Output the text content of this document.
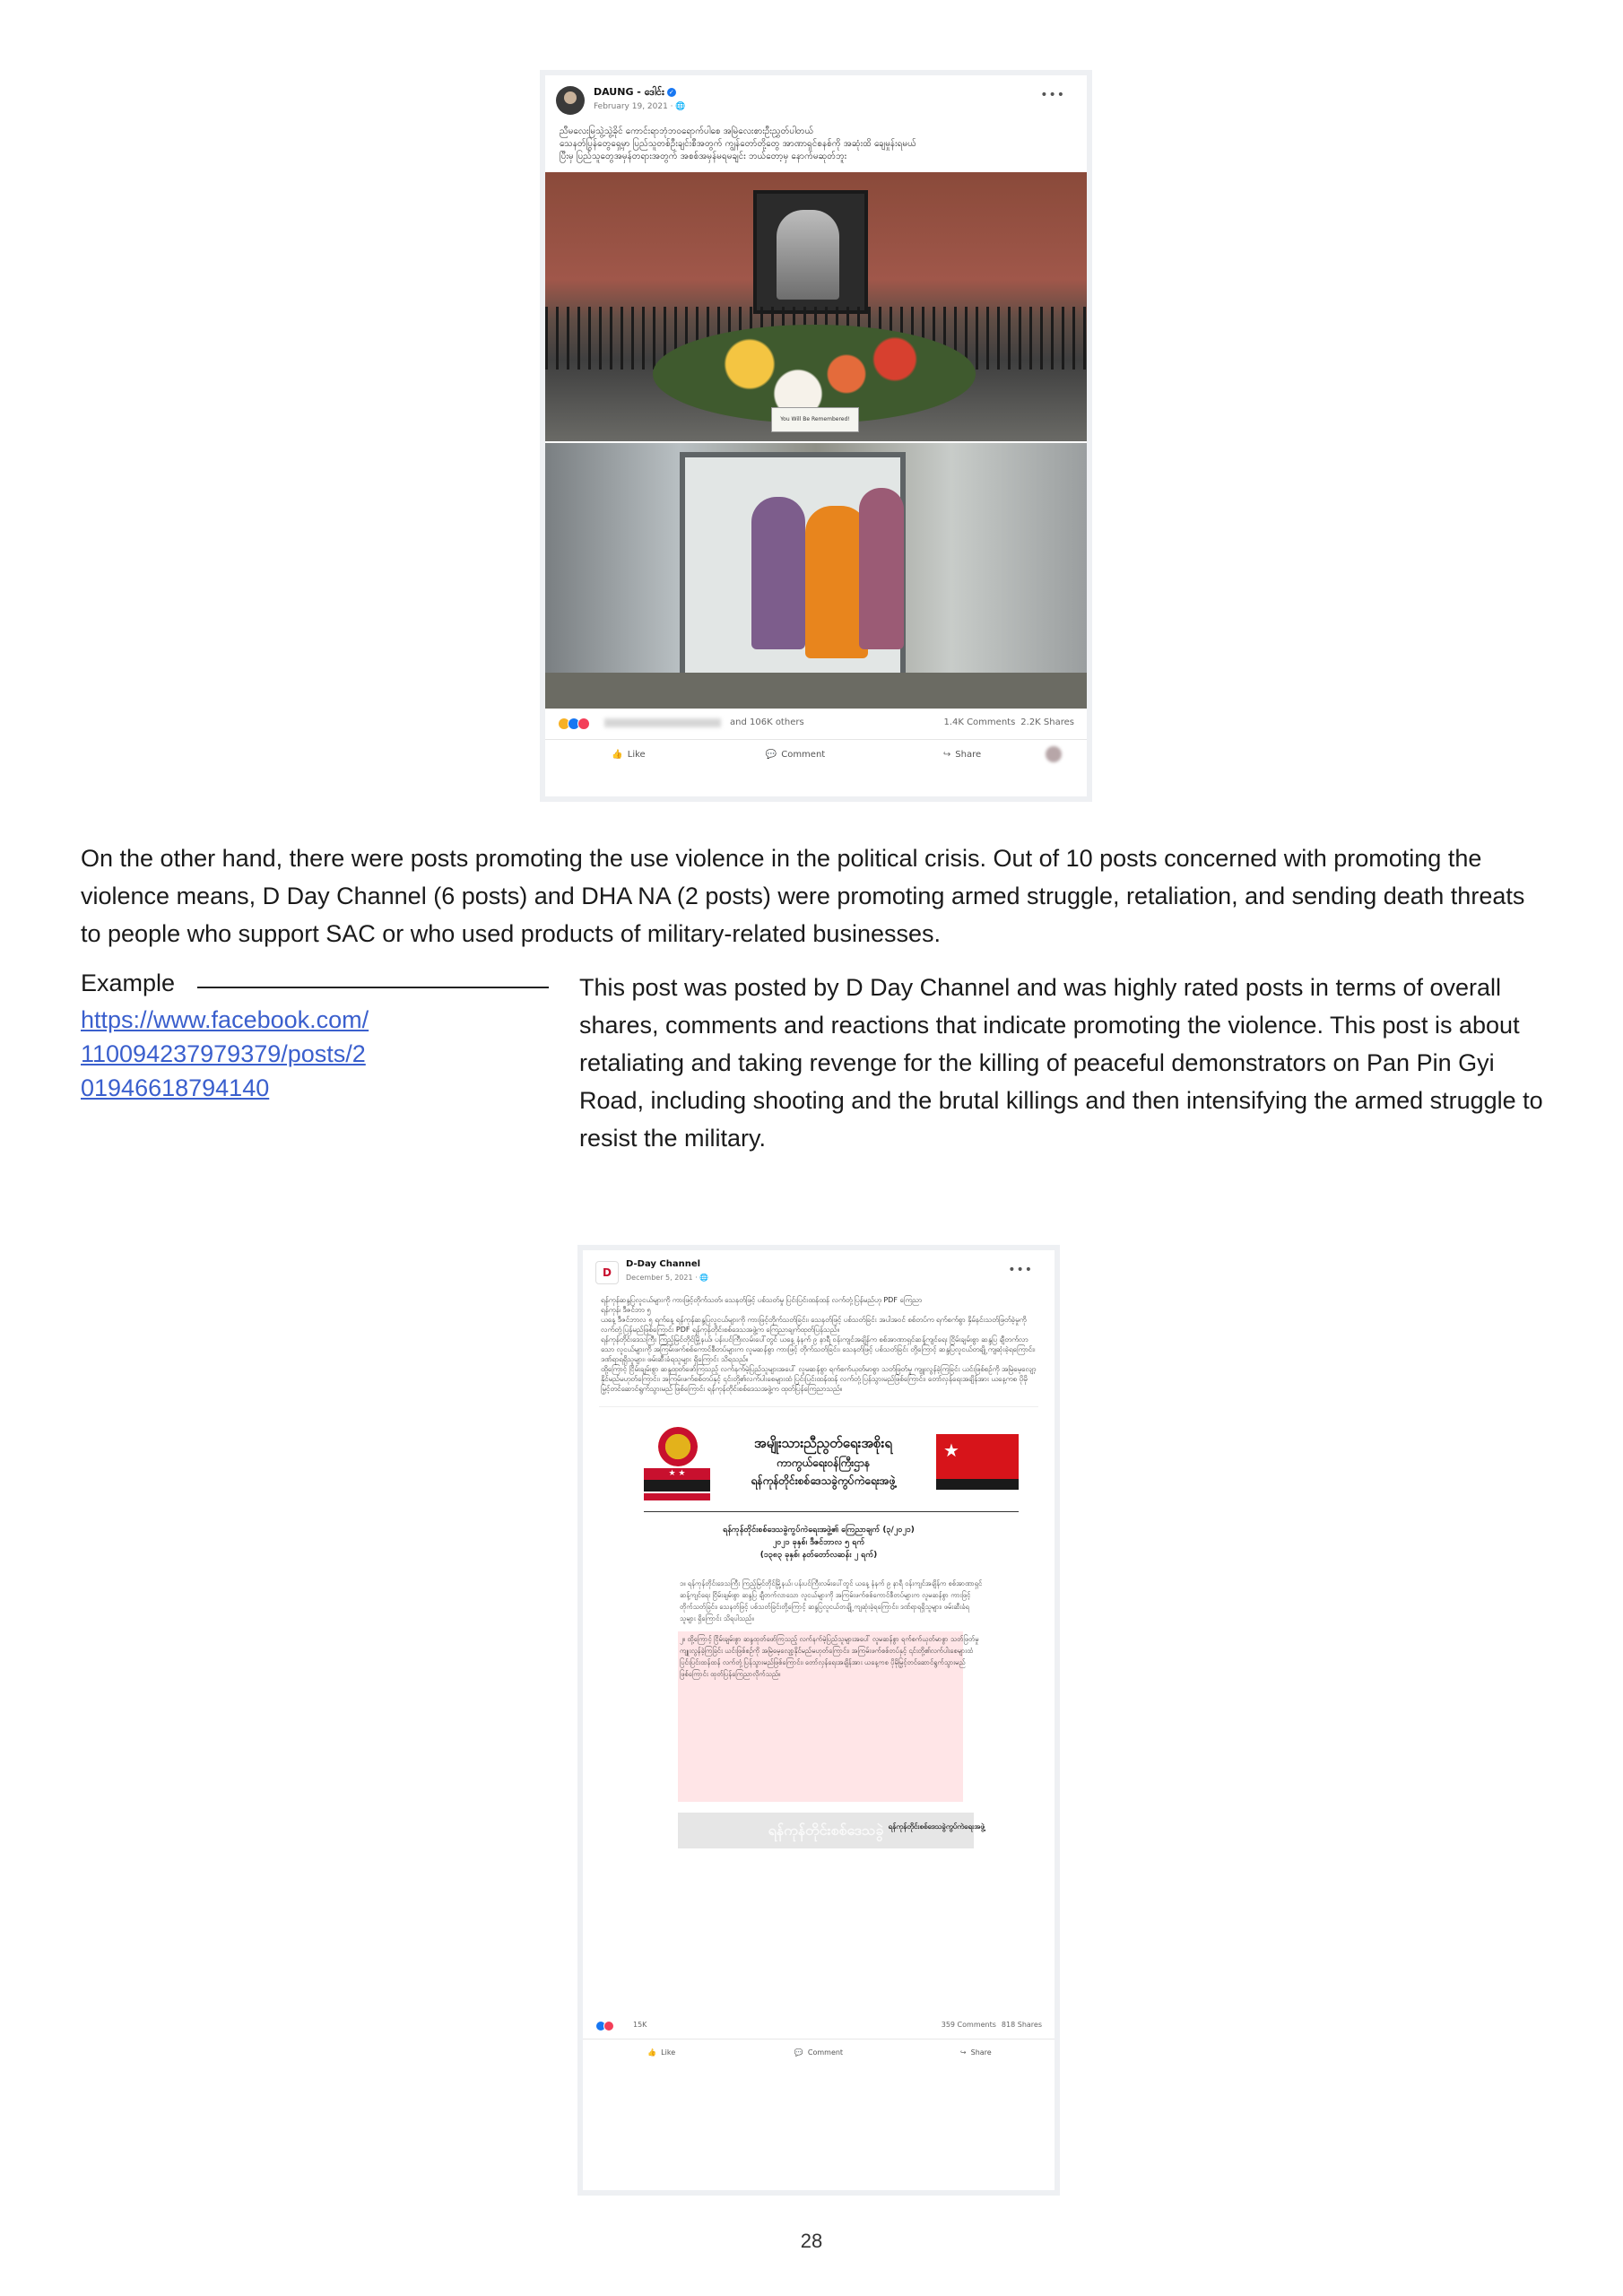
DAUNG - ဒေါင်း ✓
February 19, 2021 · 🌐
•••

ညီမလေးမြသွဲ့သွဲ့ခိုင် ကောင်းရာဘုံဘဝရောက်ပါစေ အမြဲလေးစားဦးညွှတ်ပါတယ်

သေနတ်ပြွန်တွေရှေ့မှာ ပြည်သူတစ်ဦးချင်းစီအတွက် ကျွန်တော်တို့တွေ အာဏာရှင်စနစ်ကို အဆုံးထိ ချေမှုန်းရမယ်

ပြီးမှ ပြည်သူတွေအမှန်တရားအတွက် အစစ်အမှန်မရမချင်း ဘယ်တော့မှ နောက်မဆုတ်ဘူး

You Will Be Remembered!
and 106K others	1.4K Comments 2.2K Shares
👍 Like	💬 Comment	↪ Share

On the other hand, there were posts promoting the use violence in the political crisis. Out of 10 posts concerned with promoting the violence means, D Day Channel (6 posts) and DHA NA (2 posts) were promoting armed struggle, retaliation, and sending death threats to people who support SAC or who used products of military-related businesses.

Example
https://www.facebook.com/110094237979379/posts/201946618794140

This post was posted by D Day Channel and was highly rated posts in terms of overall shares, comments and reactions that indicate promoting the violence. This post is about retaliating and taking revenge for the killing of peaceful demonstrators on Pan Pin Gyi Road, including shooting and the brutal killings and then intensifying the armed struggle to resist the military.

D
D-Day Channel
December 5, 2021 · 🌐
•••

ရန်ကုန်ဆန္ဒပြလူငယ်များကို ကားဖြင့်တိုက်သတ်၊ သေနတ်ဖြင့် ပစ်သတ်မှု ပြင်းပြင်းထန်ထန် လက်တုံ့ပြန်မည်ဟု PDF ကြေညာ

ရန်ကုန်၊ ဒီဇင်ဘာ ၅

ယနေ့ ဒီဇင်ဘာလ ၅ ရက်နေ့ ရန်ကုန်ဆန္ဒပြလူငယ်များကို ကားဖြင့်တိုက်သတ်ခြင်း၊ သေနတ်ဖြင့် ပစ်သတ်ခြင်း အပါအဝင် စစ်တပ်က ရက်စက်စွာ နှိမ်နင်းသတ်ဖြတ်ခဲ့မှုကို လက်တုံ့ပြန်မည်ဖြစ်ကြောင်း PDF ရန်ကုန်တိုင်းစစ်ဒေသအဖွဲ့က ကြေညာချက်ထုတ်ပြန်သည်။

ရန်ကုန်တိုင်းဒေသကြီး ကြည့်မြင်တိုင်မြို့နယ်၊ ပန်းပင်ကြီးလမ်းပေါ်တွင် ယနေ့ နံနက် ၉ နာရီ ဝန်းကျင်အချိန်က စစ်အာဏာရှင်ဆန့်ကျင်ရေး ငြိမ်းချမ်းစွာ ဆန္ဒပြ ချီတက်လာသော လူငယ်များကို အကြမ်းဖက်စစ်ကောင်စီတပ်များက လူမဆန်စွာ ကားဖြင့် တိုက်သတ်ခြင်း၊ သေနတ်ဖြင့် ပစ်သတ်ခြင်း တို့ကြောင့် ဆန္ဒပြလူငယ်တချို့ ကျဆုံးခဲ့ရကြောင်း၊ ဒဏ်ရာရရှိသူများ၊ ဖမ်းဆီးခံရသူများ ရှိကြောင်း သိရသည်။

ထို့ကြောင့် ငြိမ်းချမ်းစွာ ဆန္ဒထုတ်ဖော်ကြသည့် လက်နက်မဲ့ပြည်သူများအပေါ် လူမဆန်စွာ ရက်စက်ယုတ်မာစွာ သတ်ဖြတ်မှု ကျူးလွန်ခဲ့ကြခြင်း ယင်းဖြစ်စဉ်ကို အမြဲမေ့လျော့နိုင်မည်မဟုတ်ကြောင်း၊ အကြမ်းဖက်စစ်တပ်နှင့် ၎င်းတို့၏လက်ပါးစေများထံ ပြင်းပြင်းထန်ထန် လက်တုံ့ပြန်သွားမည်ဖြစ်ကြောင်း၊ တော်လှန်ရေးအချိန်အား ယနေ့ကစ ပိုမိုမြှင့်တင်ဆောင်ရွက်သွားမည် ဖြစ်ကြောင်း ရန်ကုန်တိုင်းစစ်ဒေသအဖွဲ့က ထုတ်ပြန်ကြေညာသည်။

★ ★
အမျိုးသားညီညွတ်ရေးအစိုးရ
ကာကွယ်ရေးဝန်ကြီးဌာန
ရန်ကုန်တိုင်းစစ်ဒေသခွဲကွပ်ကဲရေးအဖွဲ့
★
ရန်ကုန်တိုင်းစစ်ဒေသခွဲကွပ်ကဲရေးအဖွဲ့၏ ကြေညာချက် (၃/၂၀၂၁)
၂၀၂၁ ခုနှစ်၊ ဒီဇင်ဘာလ ၅ ရက်
(၁၃၈၃ ခုနှစ်၊ နတ်တော်လဆန်း ၂ ရက်)

၁။ ရန်ကုန်တိုင်းဒေသကြီး ကြည့်မြင်တိုင်မြို့နယ်၊ ပန်းပင်ကြီးလမ်းပေါ်တွင် ယနေ့ နံနက် ၉ နာရီ ဝန်းကျင်အချိန်က စစ်အာဏာရှင်ဆန့်ကျင်ရေး ငြိမ်းချမ်းစွာ ဆန္ဒပြ ချီတက်လာသော လူငယ်များကို အကြမ်းဖက်စစ်ကောင်စီတပ်များက လူမဆန်စွာ ကားဖြင့် တိုက်သတ်ခြင်း၊ သေနတ်ဖြင့် ပစ်သတ်ခြင်းတို့ကြောင့် ဆန္ဒပြလူငယ်တချို့ ကျဆုံးခဲ့ရကြောင်း၊ ဒဏ်ရာရရှိသူများ၊ ဖမ်းဆီးခံရသူများ ရှိကြောင်း သိရပါသည်။

၂။ ထို့ကြောင့် ငြိမ်းချမ်းစွာ ဆန္ဒထုတ်ဖော်ကြသည့် လက်နက်မဲ့ပြည်သူများအပေါ် လူမဆန်စွာ ရက်စက်ယုတ်မာစွာ သတ်ဖြတ်မှု ကျူးလွန်ခဲ့ကြခြင်း ယင်းဖြစ်စဉ်ကို အမြဲမေ့လျော့နိုင်မည်မဟုတ်ကြောင်း၊ အကြမ်းဖက်စစ်တပ်နှင့် ၎င်းတို့၏လက်ပါးစေများထံ ပြင်းပြင်းထန်ထန် လက်တုံ့ပြန်သွားမည်ဖြစ်ကြောင်း၊ တော်လှန်ရေးအချိန်အား ယနေ့ကစ ပိုမိုမြှင့်တင်ဆောင်ရွက်သွားမည် ဖြစ်ကြောင်း ထုတ်ပြန်ကြေညာလိုက်သည်။

ရန်ကုန်တိုင်းစစ်ဒေသခွဲ ရန်ကုန်တိုင်းစစ်ဒေသခွဲကွပ်ကဲရေးအဖွဲ့
15K	359 Comments 818 Shares
👍 Like	💬 Comment	↪ Share
28
